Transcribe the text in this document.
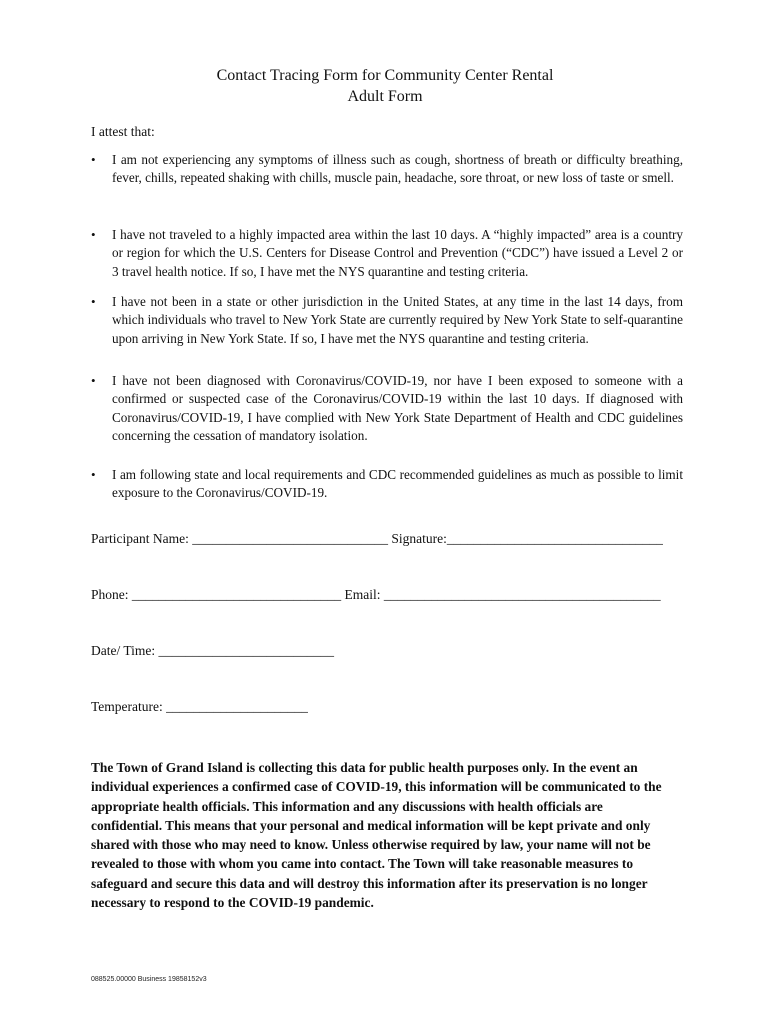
Contact Tracing Form for Community Center Rental
Adult Form
I attest that:
• I am not experiencing any symptoms of illness such as cough, shortness of breath or difficulty breathing, fever, chills, repeated shaking with chills, muscle pain, headache, sore throat, or new loss of taste or smell.
• I have not traveled to a highly impacted area within the last 10 days. A “highly impacted” area is a country or region for which the U.S. Centers for Disease Control and Prevention (“CDC”) have issued a Level 2 or 3 travel health notice. If so, I have met the NYS quarantine and testing criteria.
• I have not been in a state or other jurisdiction in the United States, at any time in the last 14 days, from which individuals who travel to New York State are currently required by New York State to self-quarantine upon arriving in New York State. If so, I have met the NYS quarantine and testing criteria.
• I have not been diagnosed with Coronavirus/COVID-19, nor have I been exposed to someone with a confirmed or suspected case of the Coronavirus/COVID-19 within the last 10 days. If diagnosed with Coronavirus/COVID-19, I have complied with New York State Department of Health and CDC guidelines concerning the cessation of mandatory isolation.
• I am following state and local requirements and CDC recommended guidelines as much as possible to limit exposure to the Coronavirus/COVID-19.
Participant Name: _____________________________ Signature:________________________________
Phone: _______________________________ Email: _________________________________________
Date/ Time: __________________________
Temperature: _____________________
The Town of Grand Island is collecting this data for public health purposes only. In the event an individual experiences a confirmed case of COVID-19, this information will be communicated to the appropriate health officials. This information and any discussions with health officials are confidential. This means that your personal and medical information will be kept private and only shared with those who may need to know. Unless otherwise required by law, your name will not be revealed to those with whom you came into contact. The Town will take reasonable measures to safeguard and secure this data and will destroy this information after its preservation is no longer necessary to respond to the COVID-19 pandemic.
088525.00000 Business 19858152v3
